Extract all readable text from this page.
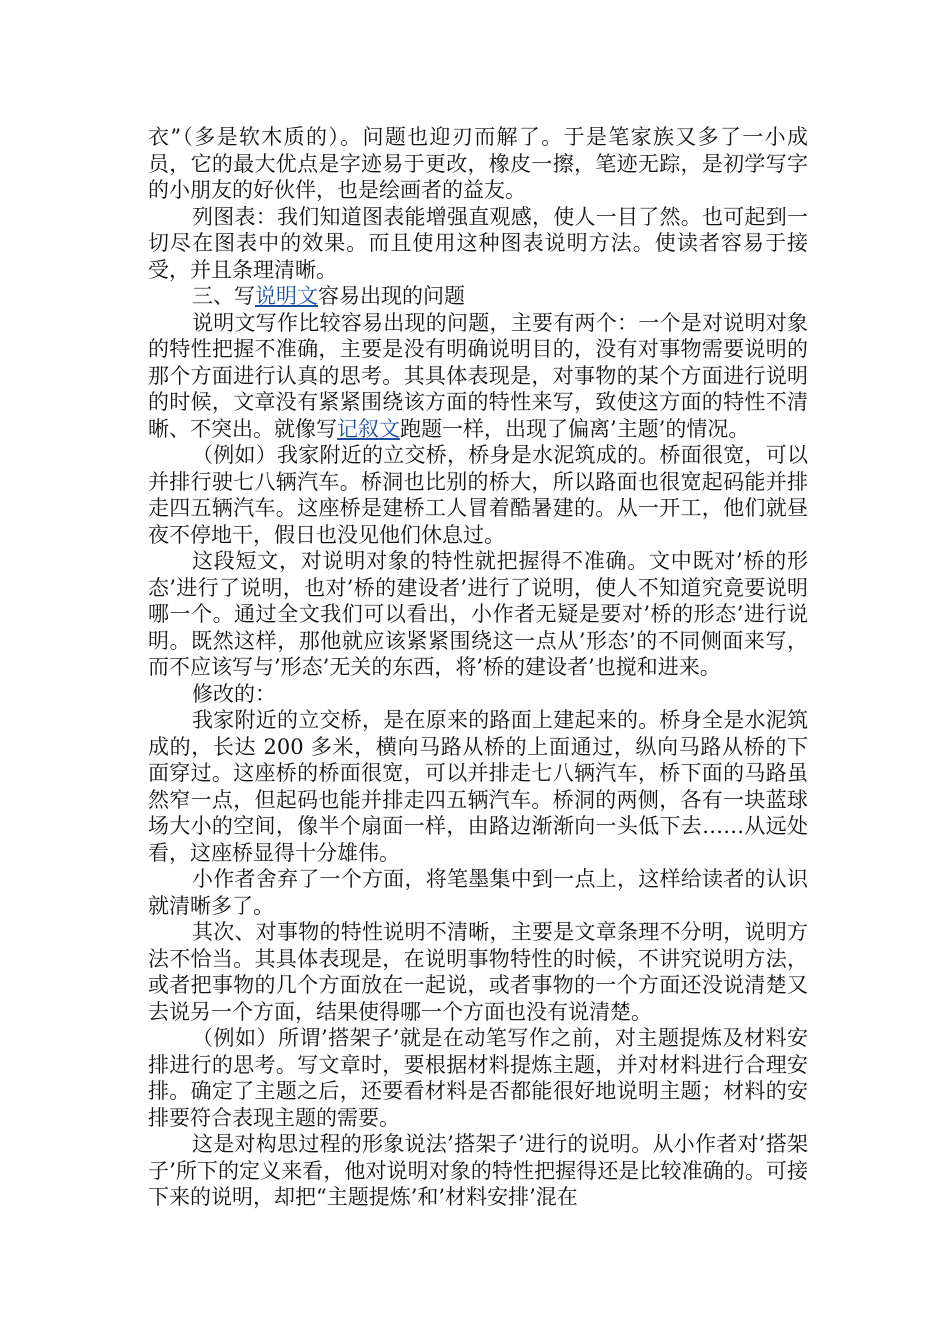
衣”（多是软木质的）。问题也迎刃而解了。于是笔家族又多了一小成员，它的最大优点是字迹易于更改，橡皮一擦，笔迹无踪，是初学写字的小朋友的好伙伴，也是绘画者的益友。

列图表：我们知道图表能增强直观感，使人一目了然。也可起到一切尽在图表中的效果。而且使用这种图表说明方法。使读者容易于接受，并且条理清晰。

三、写说明文容易出现的问题

说明文写作比较容易出现的问题，主要有两个：一个是对说明对象的特性把握不准确，主要是没有明确说明目的，没有对事物需要说明的那个方面进行认真的思考。其具体表现是，对事物的某个方面进行说明的时候，文章没有紧紧围绕该方面的特性来写，致使这方面的特性不清晰、不突出。就像写记叙文跑题一样，出现了偏离’主题’的情况。

（例如）我家附近的立交桥，桥身是水泥筑成的。桥面很宽，可以并排行驶七八辆汽车。桥洞也比别的桥大，所以路面也很宽起码能并排走四五辆汽车。这座桥是建桥工人冒着酷暑建的。从一开工，他们就昼夜不停地干，假日也没见他们休息过。

这段短文，对说明对象的特性就把握得不准确。文中既对’桥的形态’进行了说明，也对’桥的建设者’进行了说明，使人不知道究竟要说明哪一个。通过全文我们可以看出，小作者无疑是要对’桥的形态’进行说明。既然这样，那他就应该紧紧围绕这一点从’形态’的不同侧面来写，而不应该写与’形态’无关的东西，将’桥的建设者’也搅和进来。

修改的：

我家附近的立交桥，是在原来的路面上建起来的。桥身全是水泥筑成的，长达 200 多米，横向马路从桥的上面通过，纵向马路从桥的下面穿过。这座桥的桥面很宽，可以并排走七八辆汽车，桥下面的马路虽然窄一点，但起码也能并排走四五辆汽车。桥洞的两侧，各有一块蓝球场大小的空间，像半个扇面一样，由路边渐渐向一头低下去……从远处看，这座桥显得十分雄伟。

小作者舍弃了一个方面，将笔墨集中到一点上，这样给读者的认识就清晰多了。

其次、对事物的特性说明不清晰，主要是文章条理不分明，说明方法不恰当。其具体表现是，在说明事物特性的时候，不讲究说明方法，或者把事物的几个方面放在一起说，或者事物的一个方面还没说清楚又去说另一个方面，结果使得哪一个方面也没有说清楚。

（例如）所谓’搭架子’就是在动笔写作之前，对主题提炼及材料安排进行的思考。写文章时，要根据材料提炼主题，并对材料进行合理安排。确定了主题之后，还要看材料是否都能很好地说明主题；材料的安排要符合表现主题的需要。

这是对构思过程的形象说法’搭架子’进行的说明。从小作者对’搭架子’所下的定义来看，他对说明对象的特性把握得还是比较准确的。可接下来的说明，却把“主题提炼’和’材料安排’混在
